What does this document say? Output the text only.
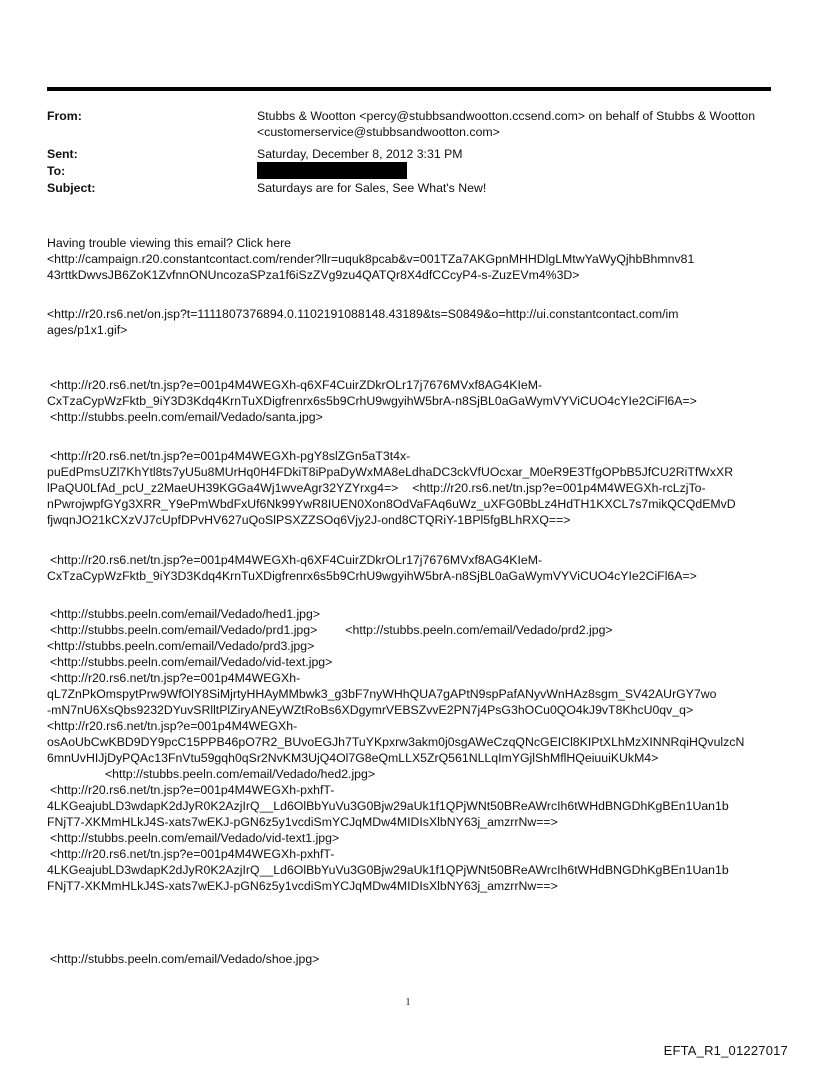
From:	Stubbs & Wootton <percy@stubbsandwootton.ccsend.com> on behalf of Stubbs & Wootton <customerservice@stubbsandwootton.com>
Sent:	Saturday, December 8, 2012 3:31 PM
To:
Subject:	Saturdays are for Sales, See What's New!
Having trouble viewing this email? Click here
<http://campaign.r20.constantcontact.com/render?llr=uquk8pcab&v=001TZa7AKGpnMHHDlgLMtwYaWyQjhbBhmnv81
43rttkDwvsJB6ZoK1ZvfnnONUncozaSPza1f6iSzZVg9zu4QATQr8X4dfCCcyP4-s-ZuzEVm4%3D>
<http://r20.rs6.net/on.jsp?t=1111807376894.0.1102191088148.43189&ts=S0849&o=http://ui.constantcontact.com/im
ages/p1x1.gif>
<http://r20.rs6.net/tn.jsp?e=001p4M4WEGXh-q6XF4CuirZDkrOLr17j7676MVxf8AG4KIeM-
CxTzaCypWzFktb_9iY3D3Kdq4KrnTuXDigfrenrx6s5b9CrhU9wgyihW5brA-n8SjBL0aGaWymVYViCUO4cYIe2CiFl6A=>
<http://stubbs.peeln.com/email/Vedado/santa.jpg>
<http://r20.rs6.net/tn.jsp?e=001p4M4WEGXh-pgY8slZGn5aT3t4x-
puEdPmsUZl7KhYtl8ts7yU5u8MUrHq0H4FDkiT8iPpaDyWxMA8eLdhaDC3ckVfUOcxar_M0eR9E3TfgOPbB5JfCU2RiTfWxXR
lPaQU0LfAd_pcU_z2MaeUH39KGGa4Wj1wveAgr32YZYrxg4=> <http://r20.rs6.net/tn.jsp?e=001p4M4WEGXh-rcLzjTo-
nPwrojwpfGYg3XRR_Y9ePmWbdFxUf6Nk99YwR8IUEN0Xon8OdVaFAq6uWz_uXFG0BbLz4HdTH1KXCL7s7mikQCQdEMvD
fjwqnJO21kCXzVJ7cUpfDPvHV627uQoSlPSXZZSOq6Vjy2J-ond8CTQRiY-1BPl5fgBLhRXQ==>
<http://r20.rs6.net/tn.jsp?e=001p4M4WEGXh-q6XF4CuirZDkrOLr17j7676MVxf8AG4KIeM-
CxTzaCypWzFktb_9iY3D3Kdq4KrnTuXDigfrenrx6s5b9CrhU9wgyihW5brA-n8SjBL0aGaWymVYViCUO4cYIe2CiFl6A=>
<http://stubbs.peeln.com/email/Vedado/hed1.jpg>
<http://stubbs.peeln.com/email/Vedado/prd1.jpg> <http://stubbs.peeln.com/email/Vedado/prd2.jpg>
<http://stubbs.peeln.com/email/Vedado/prd3.jpg>
<http://stubbs.peeln.com/email/Vedado/vid-text.jpg>
<http://r20.rs6.net/tn.jsp?e=001p4M4WEGXh-
qL7ZnPkOmspytPrw9WfOlY8SiMjrtyHHAyMMbwk3_g3bF7nyWHhQUA7gAPtN9spPafANyvWnHAz8sgm_SV42AUrGY7wo
-mN7nU6XsQbs9232DYuvSRlltPlZiryANEyWZtRoBs6XDgymrVEBSZvvE2PN7j4PsG3hOCu0QO4kJ9vT8KhcU0qv_q>
<http://r20.rs6.net/tn.jsp?e=001p4M4WEGXh-
osAoUbCwKBD9DY9pcC15PPB46pO7R2_BUvoEGJh7TuYKpxrw3akm0j0sgAWeCzqQNcGEICl8KIPtXLhMzXINNRqiHQvulzcN
6mnUvHIJjDyPQAc13FnVtu59gqh0qSr2NvKM3UjQ4Ol7G8eQmLLX5ZrQ561NLLqImYGjlShMflHQeiuuiKUkM4>
<http://stubbs.peeln.com/email/Vedado/hed2.jpg>
<http://r20.rs6.net/tn.jsp?e=001p4M4WEGXh-pxhfT-
4LKGeajubLD3wdapK2dJyR0K2AzjIrQ__Ld6OlBbYuVu3G0Bjw29aUk1f1QPjWNt50BReAWrcIh6tWHdBNGDhKgBEn1Uan1b
FNjT7-XKMmHLkJ4S-xats7wEKJ-pGN6z5y1vcdiSmYCJqMDw4MIDIsXlbNY63j_amzrrNw==>
<http://stubbs.peeln.com/email/Vedado/vid-text1.jpg>
<http://r20.rs6.net/tn.jsp?e=001p4M4WEGXh-pxhfT-
4LKGeajubLD3wdapK2dJyR0K2AzjIrQ__Ld6OlBbYuVu3G0Bjw29aUk1f1QPjWNt50BReAWrcIh6tWHdBNGDhKgBEn1Uan1b
FNjT7-XKMmHLkJ4S-xats7wEKJ-pGN6z5y1vcdiSmYCJqMDw4MIDIsXlbNY63j_amzrrNw==>
<http://stubbs.peeln.com/email/Vedado/shoe.jpg>
1
EFTA_R1_01227017
